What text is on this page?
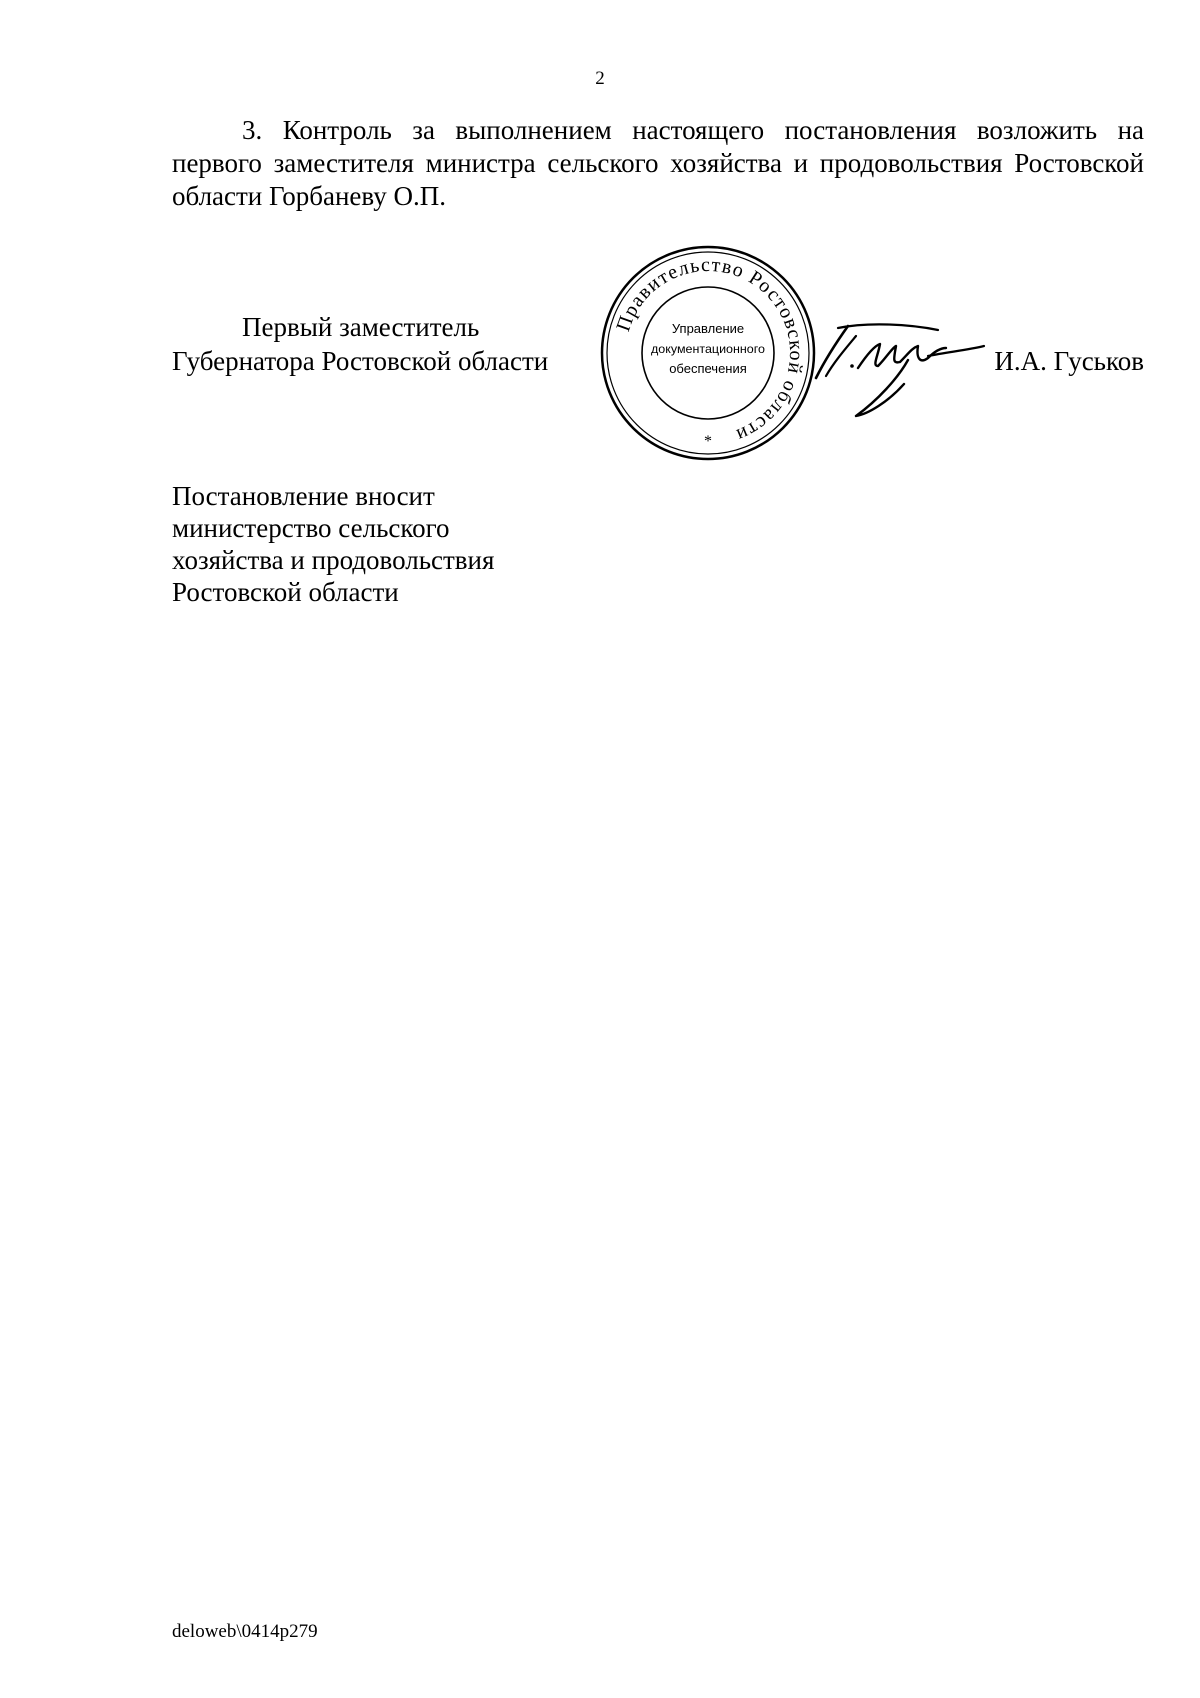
2
3. Контроль за выполнением настоящего постановления возложить на первого заместителя министра сельского хозяйства и продовольствия Ростовской области Горбаневу О.П.
Первый заместитель
Губернатора Ростовской области
Правительство Ростовской области
Управление
документационного
обеспечения
*
И.А. Гуськов
Постановление вносит
министерство сельского
хозяйства и продовольствия
Ростовской области
deloweb\0414p279
